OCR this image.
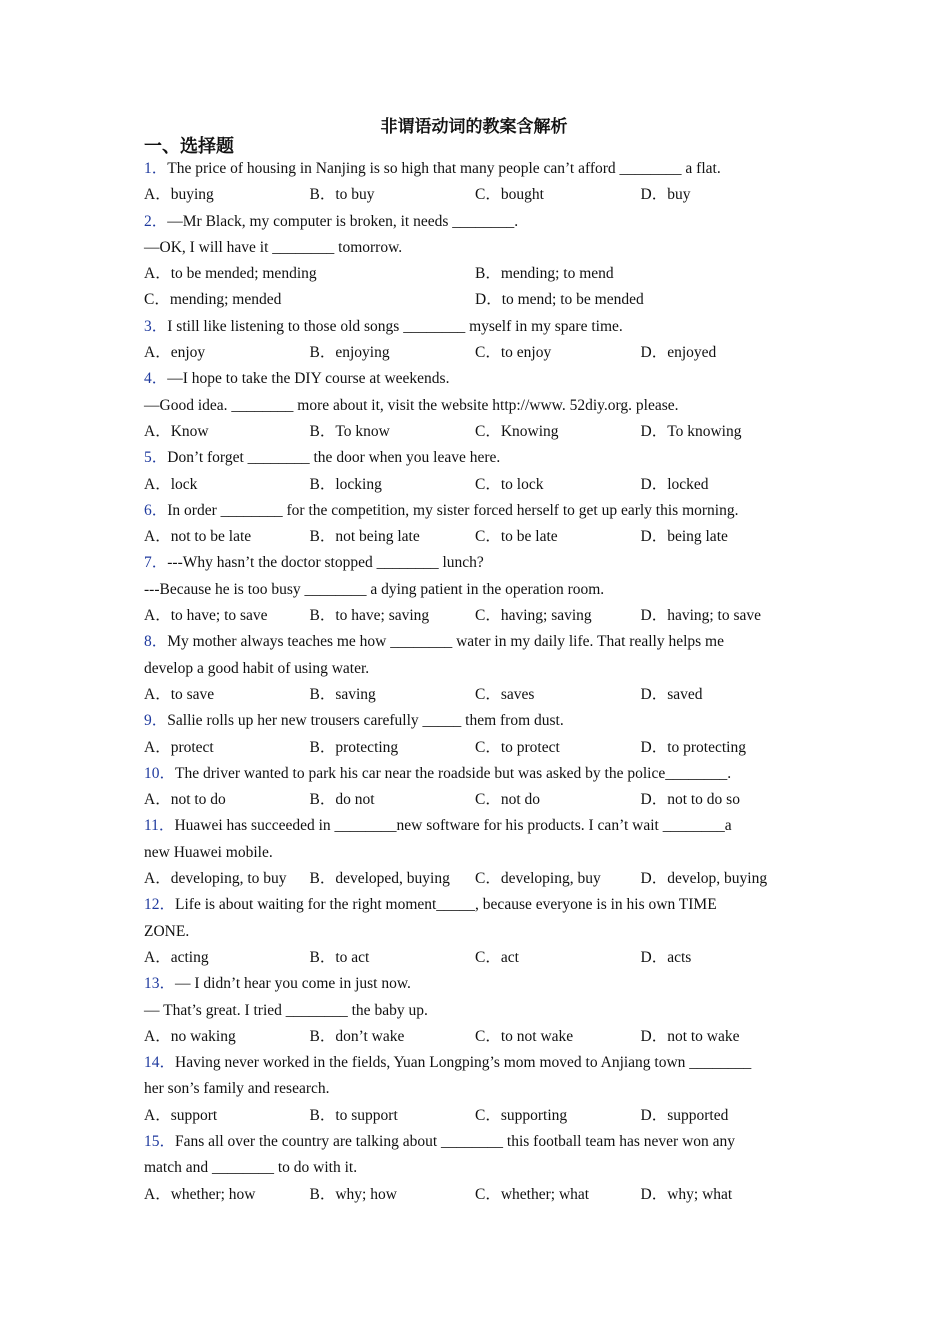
非谓语动词的教案含解析
一、选择题
1．The price of housing in Nanjing is so high that many people can’t afford ________ a flat.
A．buying	B．to buy	C．bought	D．buy
2．—Mr Black, my computer is broken, it needs ________.
—OK, I will have it ________ tomorrow.
A．to be mended; mending	B．mending; to mend
C．mending; mended	D．to mend; to be mended
3．I still like listening to those old songs ________ myself in my spare time.
A．enjoy	B．enjoying	C．to enjoy	D．enjoyed
4．—I hope to take the DIY course at weekends.
—Good idea. ________ more about it, visit the website http://www. 52diy.org. please.
A．Know	B．To know	C．Knowing	D．To knowing
5．Don’t forget ________ the door when you leave here.
A．lock	B．locking	C．to lock	D．locked
6．In order ________ for the competition, my sister forced herself to get up early this morning.
A．not to be late	B．not being late	C．to be late	D．being late
7．---Why hasn’t the doctor stopped ________ lunch?
---Because he is too busy ________ a dying patient in the operation room.
A．to have; to save	B．to have; saving	C．having; saving	D．having; to save
8．My mother always teaches me how ________ water in my daily life. That really helps me
develop a good habit of using water.
A．to save	B．saving	C．saves	D．saved
9．Sallie rolls up her new trousers carefully _____ them from dust.
A．protect	B．protecting	C．to protect	D．to protecting
10．The driver wanted to park his car near the roadside but was asked by the police________.
A．not to do	B．do not	C．not do	D．not to do so
11．Huawei has succeeded in ________new software for his products. I can’t wait ________a
new Huawei mobile.
A．developing, to buy	B．developed, buying	C．developing, buy	D．develop, buying
12．Life is about waiting for the right moment_____, because everyone is in his own TIME
ZONE.
A．acting	B．to act	C．act	D．acts
13．— I didn’t hear you come in just now.
— That’s great. I tried ________ the baby up.
A．no waking	B．don’t wake	C．to not wake	D．not to wake
14．Having never worked in the fields, Yuan Longping’s mom moved to Anjiang town ________
her son’s family and research.
A．support	B．to support	C．supporting	D．supported
15．Fans all over the country are talking about ________ this football team has never won any
match and ________ to do with it.
A．whether; how	B．why; how	C．whether; what	D．why; what
